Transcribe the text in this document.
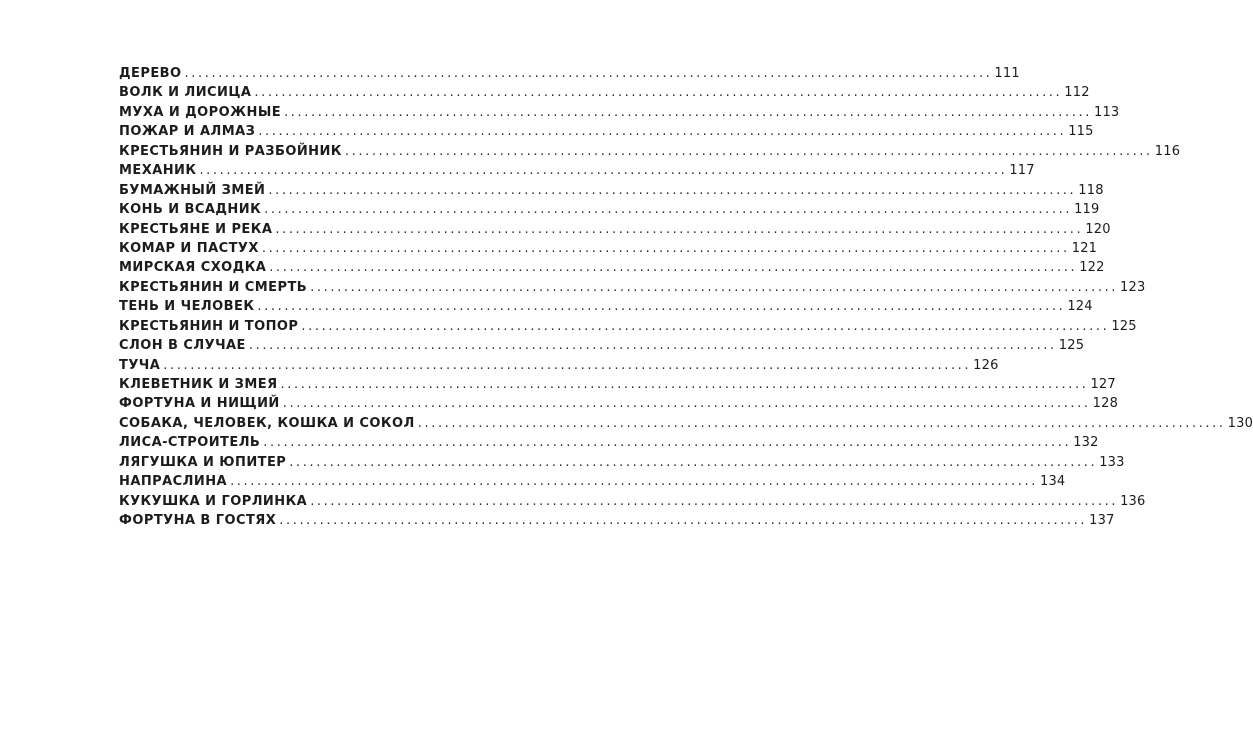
ДЕРЕВО ........................................................................................................................ 111
ВОЛК И ЛИСИЦА ........................................................................................................................ 112
МУХА И ДОРОЖНЫЕ ........................................................................................................................ 113
ПОЖАР И АЛМАЗ ........................................................................................................................ 115
КРЕСТЬЯНИН И РАЗБОЙНИК ........................................................................................................................ 116
МЕХАНИК ........................................................................................................................ 117
БУМАЖНЫЙ ЗМЕЙ ........................................................................................................................ 118
КОНЬ И ВСАДНИК ........................................................................................................................ 119
КРЕСТЬЯНЕ И РЕКА ........................................................................................................................ 120
КОМАР И ПАСТУХ ........................................................................................................................ 121
МИРСКАЯ СХОДКА ........................................................................................................................ 122
КРЕСТЬЯНИН И СМЕРТЬ ........................................................................................................................ 123
ТЕНЬ И ЧЕЛОВЕК ........................................................................................................................ 124
КРЕСТЬЯНИН И ТОПОР ........................................................................................................................ 125
СЛОН В СЛУЧАЕ ........................................................................................................................ 125
ТУЧА ........................................................................................................................ 126
КЛЕВЕТНИК И ЗМЕЯ ........................................................................................................................ 127
ФОРТУНА И НИЩИЙ ........................................................................................................................ 128
СОБАКА, ЧЕЛОВЕК, КОШКА И СОКОЛ ........................................................................................................................ 130
ЛИСА-СТРОИТЕЛЬ ........................................................................................................................ 132
ЛЯГУШКА И ЮПИТЕР ........................................................................................................................ 133
НАПРАСЛИНА ........................................................................................................................ 134
КУКУШКА И ГОРЛИНКА ........................................................................................................................ 136
ФОРТУНА В ГОСТЯХ ........................................................................................................................ 137
